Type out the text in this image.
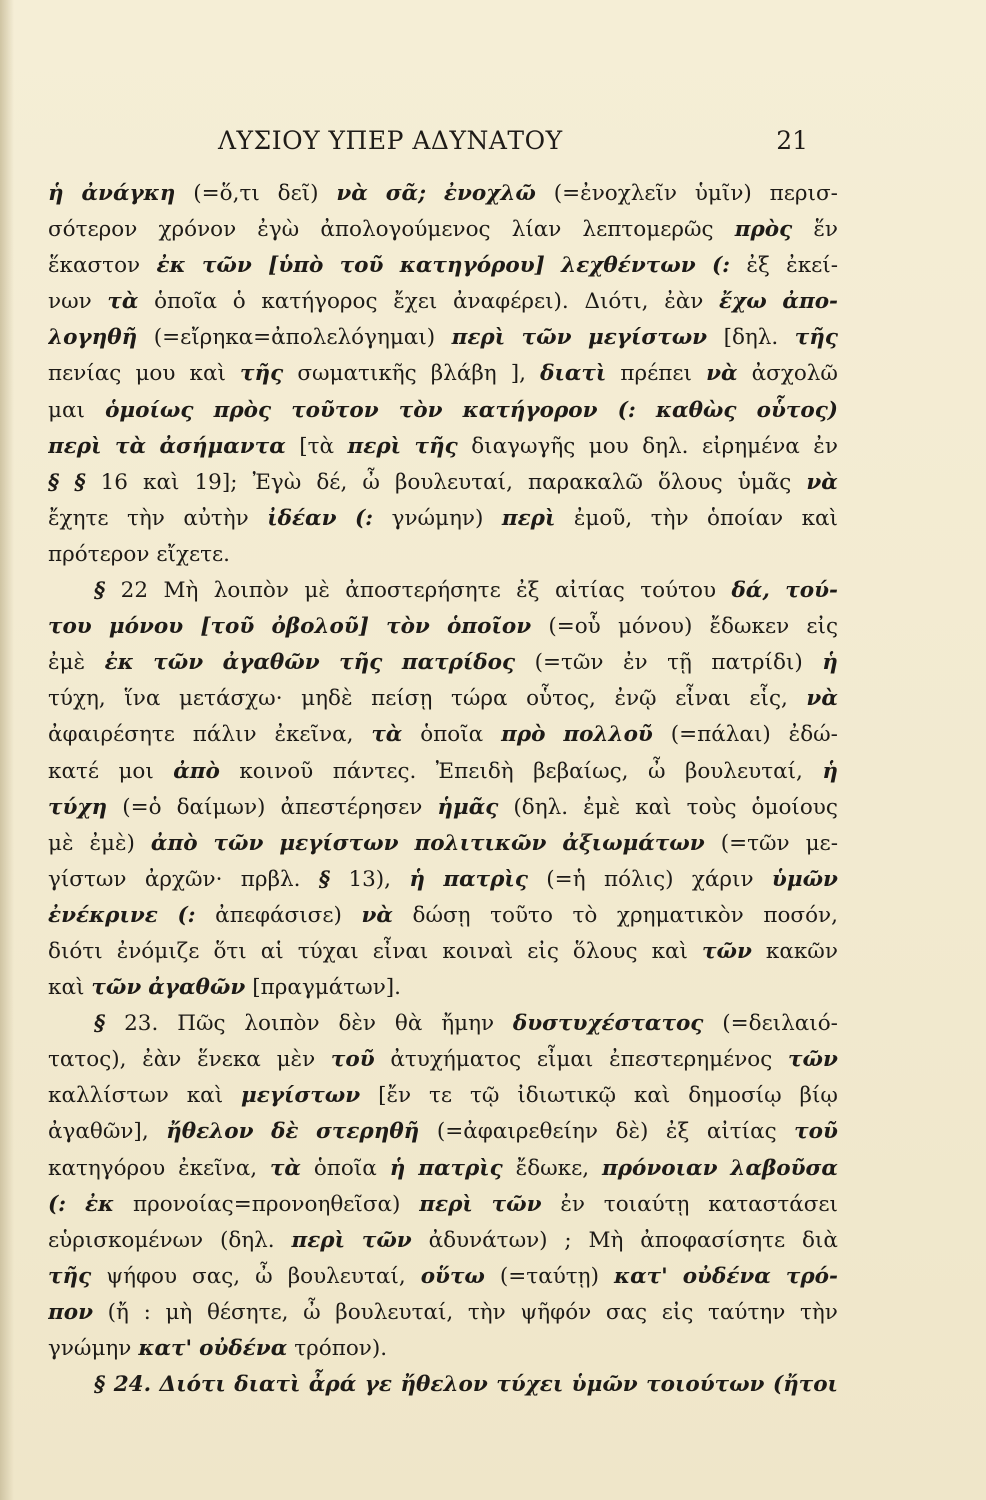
ΛΥΣΙΟΥ ΥΠΕΡ ΑΔΥΝΑΤΟΥ	21
ἡ ἀνάγκη (=ὅ,τι δεῖ) νὰ σᾶ; ἐνοχλῶ (=ἐνοχλεῖν ὑμῖν) περισ-
σότερον χρόνον ἐγὼ ἀπολογούμενος λίαν λεπτομερῶς πρὸς ἕν
ἕκαστον ἐκ τῶν [ὑπὸ τοῦ κατηγόρου] λεχθέντων (: ἐξ ἐκεί-
νων τὰ ὁποῖα ὁ κατήγορος ἔχει ἀναφέρει). Διότι, ἐὰν ἔχω ἀπο-
λογηθῆ (=εἴρηκα=ἀπολελόγημαι) περὶ τῶν μεγίστων [δηλ. τῆς
πενίας μου καὶ τῆς σωματικῆς βλάβη ], διατὶ πρέπει νὰ ἀσχολῶ
μαι ὁμοίως πρὸς τοῦτον τὸν κατήγορον (: καθὼς οὗτος)
περὶ τὰ ἀσήμαντα [τὰ περὶ τῆς διαγωγῆς μου δηλ. εἰρημένα ἐν
§ § 16 καὶ 19]; Ἐγὼ δέ, ὦ βουλευταί, παρακαλῶ ὅλους ὑμᾶς νὰ
ἔχητε τὴν αὐτὴν ἰδέαν (: γνώμην) περὶ ἐμοῦ, τὴν ὁποίαν καὶ
πρότερον εἴχετε.
§ 22 Μὴ λοιπὸν μὲ ἀποστερήσητε ἐξ αἰτίας τούτου δά, τού-
του μόνου [τοῦ ὀβολοῦ] τὸν ὁποῖον (=οὗ μόνου) ἔδωκεν εἰς
ἐμὲ ἐκ τῶν ἀγαθῶν τῆς πατρίδος (=τῶν ἐν τῇ πατρίδι) ἡ
τύχη, ἵνα μετάσχω· μηδὲ πείσῃ τώρα οὗτος, ἐνῷ εἶναι εἷς, νὰ
ἀφαιρέσητε πάλιν ἐκεῖνα, τὰ ὁποῖα πρὸ πολλοῦ (=πάλαι) ἐδώ-
κατέ μοι ἀπὸ κοινοῦ πάντες. Ἐπειδὴ βεβαίως, ὦ βουλευταί, ἡ
τύχη (=ὁ δαίμων) ἀπεστέρησεν ἡμᾶς (δηλ. ἐμὲ καὶ τοὺς ὁμοίους
μὲ ἐμὲ) ἀπὸ τῶν μεγίστων πολιτικῶν ἀξιωμάτων (=τῶν με-
γίστων ἀρχῶν· πρβλ. § 13), ἡ πατρὶς (=ἡ πόλις) χάριν ὑμῶν
ἐνέκρινε (: ἀπεφάσισε) νὰ δώσῃ τοῦτο τὸ χρηματικὸν ποσόν,
διότι ἐνόμιζε ὅτι αἱ τύχαι εἶναι κοιναὶ εἰς ὅλους καὶ τῶν κακῶν
καὶ τῶν ἀγαθῶν [πραγμάτων].
§ 23. Πῶς λοιπὸν δὲν θὰ ἤμην δυστυχέστατος (=δειλαιό-
τατος), ἐὰν ἕνεκα μὲν τοῦ ἀτυχήματος εἶμαι ἐπεστερημένος τῶν
καλλίστων καὶ μεγίστων [ἔν τε τῷ ἰδιωτικῷ καὶ δημοσίῳ βίῳ
ἀγαθῶν], ἤθελον δὲ στερηθῆ (=ἀφαιρεθείην δὲ) ἐξ αἰτίας τοῦ
κατηγόρου ἐκεῖνα, τὰ ὁποῖα ἡ πατρὶς ἔδωκε, πρόνοιαν λαβοῦσα
(: ἐκ προνοίας=προνοηθεῖσα) περὶ τῶν ἐν τοιαύτῃ καταστάσει
εὑρισκομένων (δηλ. περὶ τῶν ἀδυνάτων) ; Μὴ ἀποφασίσητε διὰ
τῆς ψήφου σας, ὦ βουλευταί, οὕτω (=ταύτῃ) κατ' οὐδένα τρό-
πον (ἤ : μὴ θέσητε, ὦ βουλευταί, τὴν ψῆφόν σας εἰς ταύτην τὴν
γνώμην κατ' οὐδένα τρόπον).
§ 24. Διότι διατὶ ἆρά γε ἤθελον τύχει ὑμῶν τοιούτων (ἤτοι
